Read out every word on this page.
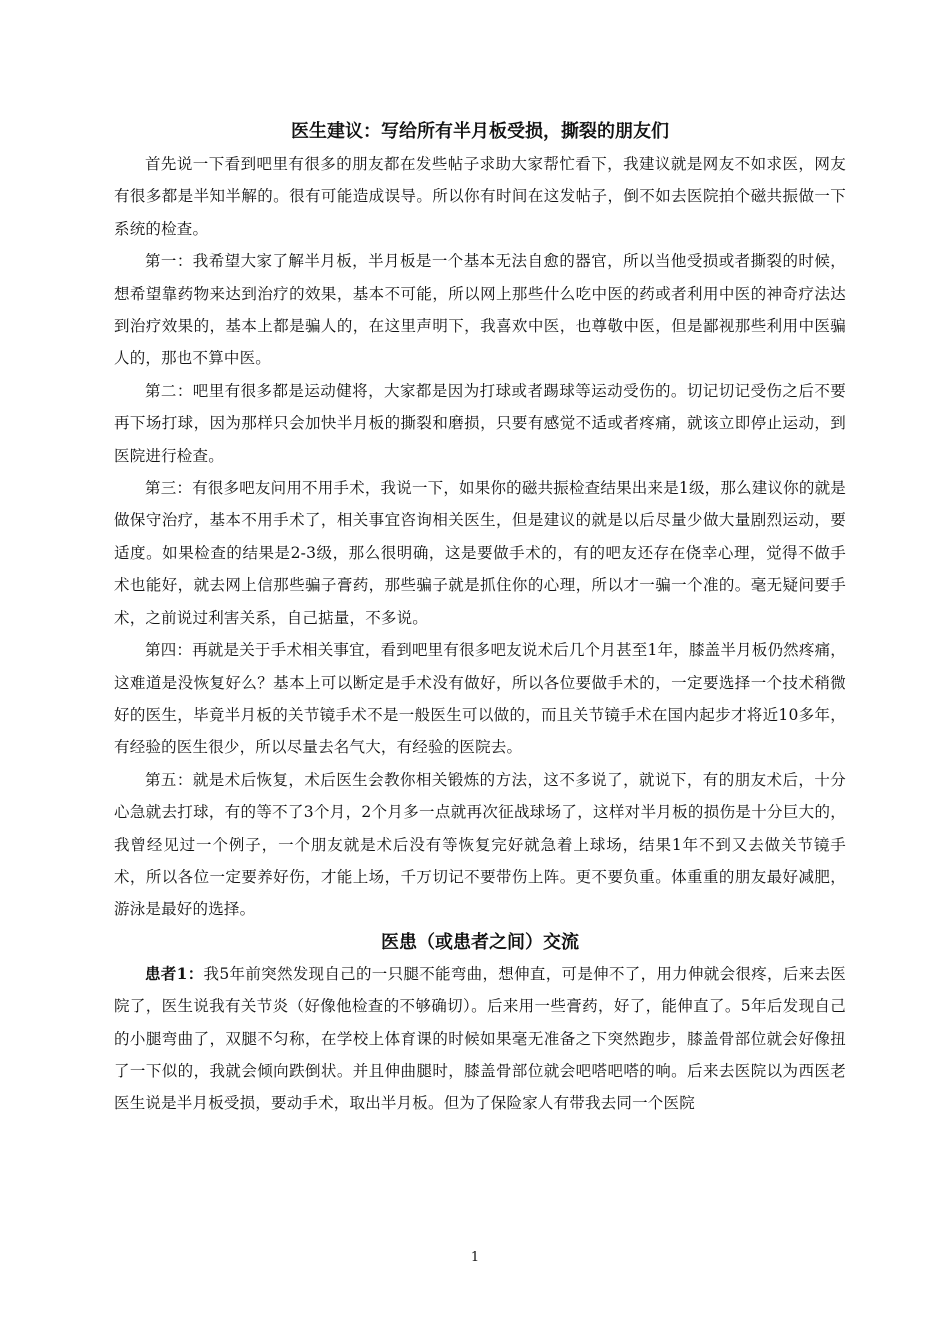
医生建议：写给所有半月板受损，撕裂的朋友们

首先说一下看到吧里有很多的朋友都在发些帖子求助大家帮忙看下，我建议就是网友不如求医，网友有很多都是半知半解的。很有可能造成误导。所以你有时间在这发帖子，倒不如去医院拍个磁共振做一下系统的检查。

第一：我希望大家了解半月板，半月板是一个基本无法自愈的器官，所以当他受损或者撕裂的时候，想希望靠药物来达到治疗的效果，基本不可能，所以网上那些什么吃中医的药或者利用中医的神奇疗法达到治疗效果的，基本上都是骗人的，在这里声明下，我喜欢中医，也尊敬中医，但是鄙视那些利用中医骗人的，那也不算中医。

第二：吧里有很多都是运动健将，大家都是因为打球或者踢球等运动受伤的。切记切记受伤之后不要再下场打球，因为那样只会加快半月板的撕裂和磨损，只要有感觉不适或者疼痛，就该立即停止运动，到医院进行检查。

第三：有很多吧友问用不用手术，我说一下，如果你的磁共振检查结果出来是1级，那么建议你的就是做保守治疗，基本不用手术了，相关事宜咨询相关医生，但是建议的就是以后尽量少做大量剧烈运动，要适度。如果检查的结果是2-3级，那么很明确，这是要做手术的，有的吧友还存在侥幸心理，觉得不做手术也能好，就去网上信那些骗子膏药，那些骗子就是抓住你的心理，所以才一骗一个准的。毫无疑问要手术，之前说过利害关系，自己掂量，不多说。

第四：再就是关于手术相关事宜，看到吧里有很多吧友说术后几个月甚至1年，膝盖半月板仍然疼痛，这难道是没恢复好么？基本上可以断定是手术没有做好，所以各位要做手术的，一定要选择一个技术稍微好的医生，毕竟半月板的关节镜手术不是一般医生可以做的，而且关节镜手术在国内起步才将近10多年，有经验的医生很少，所以尽量去名气大，有经验的医院去。

第五：就是术后恢复，术后医生会教你相关锻炼的方法，这不多说了，就说下，有的朋友术后，十分心急就去打球，有的等不了3个月，2个月多一点就再次征战球场了，这样对半月板的损伤是十分巨大的，我曾经见过一个例子，一个朋友就是术后没有等恢复完好就急着上球场，结果1年不到又去做关节镜手术，所以各位一定要养好伤，才能上场，千万切记不要带伤上阵。更不要负重。体重重的朋友最好减肥，游泳是最好的选择。

医患（或患者之间）交流

患者1：我5年前突然发现自己的一只腿不能弯曲，想伸直，可是伸不了，用力伸就会很疼，后来去医院了，医生说我有关节炎（好像他检查的不够确切）。后来用一些膏药，好了，能伸直了。5年后发现自己的小腿弯曲了，双腿不匀称，在学校上体育课的时候如果毫无准备之下突然跑步，膝盖骨部位就会好像扭了一下似的，我就会倾向跌倒状。并且伸曲腿时，膝盖骨部位就会吧嗒吧嗒的响。后来去医院以为西医老医生说是半月板受损，要动手术，取出半月板。但为了保险家人有带我去同一个医院

1
